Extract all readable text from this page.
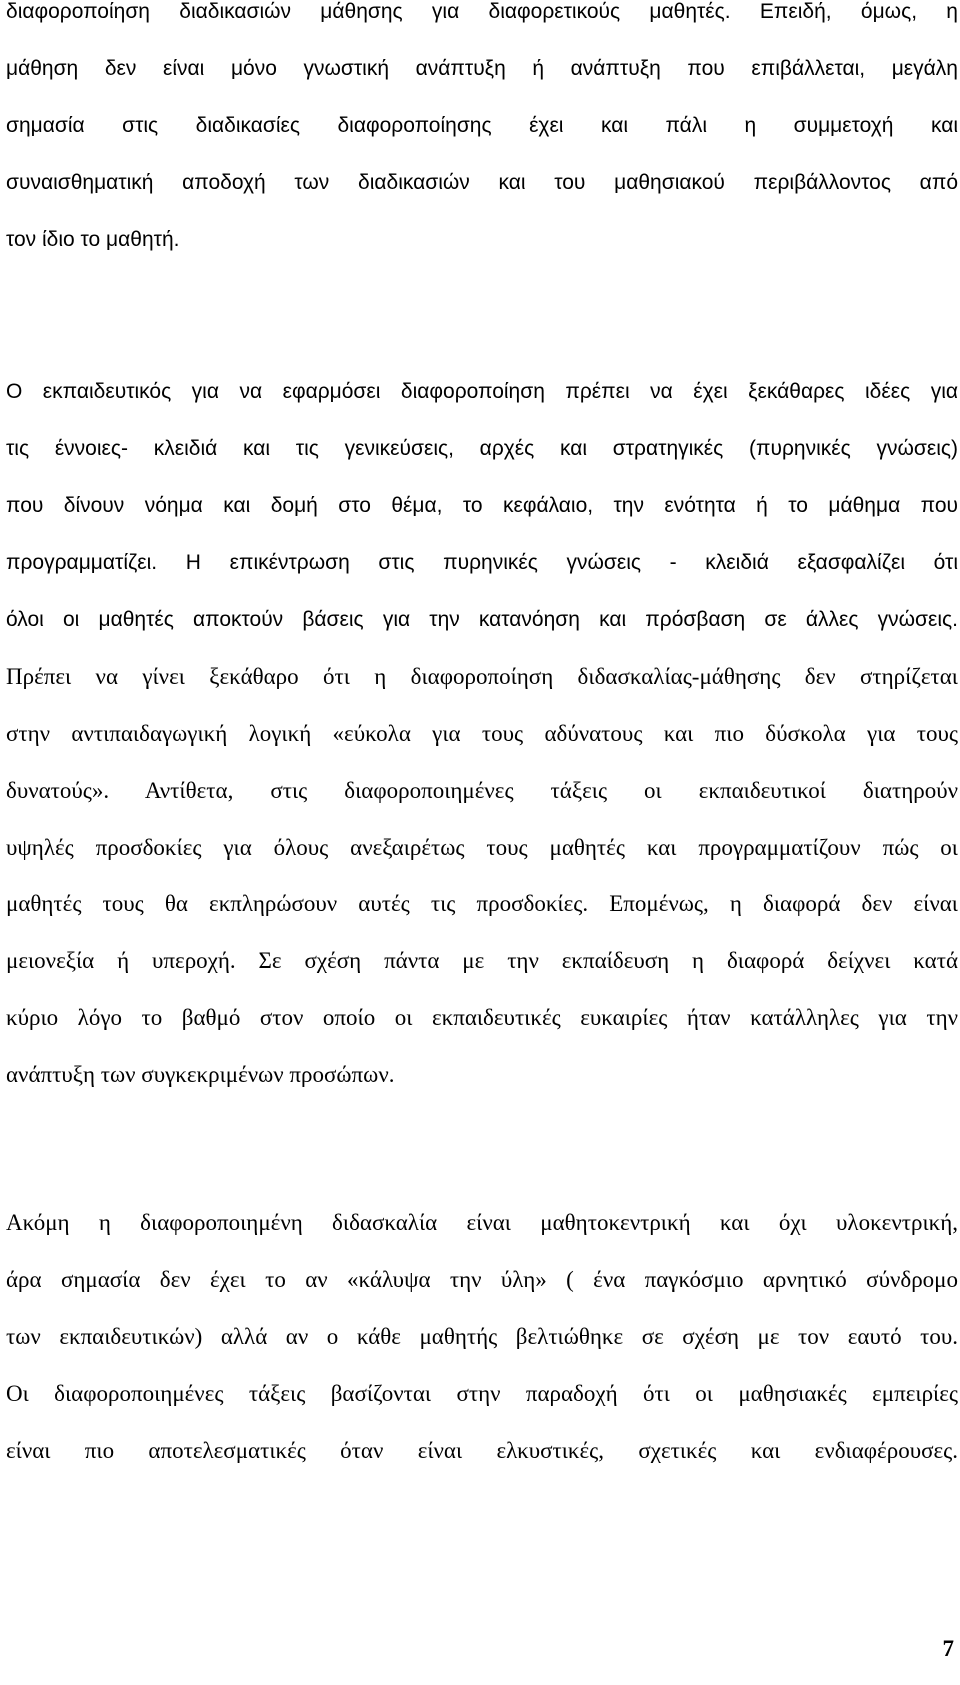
διαφοροποίηση διαδικασιών μάθησης για διαφορετικούς μαθητές. Επειδή, όμως, η

μάθηση δεν είναι μόνο γνωστική ανάπτυξη ή ανάπτυξη που επιβάλλεται, μεγάλη

σημασία στις διαδικασίες διαφοροποίησης έχει και πάλι η συμμετοχή και

συναισθηματική αποδοχή των διαδικασιών και του μαθησιακού περιβάλλοντος από

τον ίδιο το μαθητή.

Ο εκπαιδευτικός για να εφαρμόσει διαφοροποίηση πρέπει να έχει ξεκάθαρες ιδέες για

τις έννοιες- κλειδιά και τις γενικεύσεις, αρχές και στρατηγικές (πυρηνικές γνώσεις)

που δίνουν νόημα και δομή στο θέμα, το κεφάλαιο, την ενότητα ή το μάθημα που

προγραμματίζει. Η επικέντρωση στις πυρηνικές γνώσεις - κλειδιά εξασφαλίζει ότι

όλοι οι μαθητές αποκτούν βάσεις για την κατανόηση και πρόσβαση σε άλλες γνώσεις.

Πρέπει να γίνει ξεκάθαρο ότι η διαφοροποίηση διδασκαλίας-μάθησης δεν στηρίζεται

στην αντιπαιδαγωγική λογική «εύκολα για τους αδύνατους και πιο δύσκολα για τους

δυνατούς». Αντίθετα, στις διαφοροποιημένες τάξεις οι εκπαιδευτικοί διατηρούν

υψηλές προσδοκίες για όλους ανεξαιρέτως τους μαθητές και προγραμματίζουν πώς οι

μαθητές τους θα εκπληρώσουν αυτές τις προσδοκίες. Επομένως, η διαφορά δεν είναι

μειονεξία ή υπεροχή. Σε σχέση πάντα με την εκπαίδευση η διαφορά δείχνει κατά

κύριο λόγο το βαθμό στον οποίο οι εκπαιδευτικές ευκαιρίες ήταν κατάλληλες για την

ανάπτυξη των συγκεκριμένων προσώπων.

Ακόμη η διαφοροποιημένη διδασκαλία είναι μαθητοκεντρική και όχι υλοκεντρική,

άρα σημασία δεν έχει το αν «κάλυψα την ύλη» ( ένα παγκόσμιο αρνητικό σύνδρομο

των εκπαιδευτικών) αλλά αν ο κάθε μαθητής βελτιώθηκε σε σχέση με τον εαυτό του.

Οι διαφοροποιημένες τάξεις βασίζονται στην παραδοχή ότι οι μαθησιακές εμπειρίες

είναι πιο αποτελεσματικές όταν είναι ελκυστικές, σχετικές και ενδιαφέρουσες.

7
